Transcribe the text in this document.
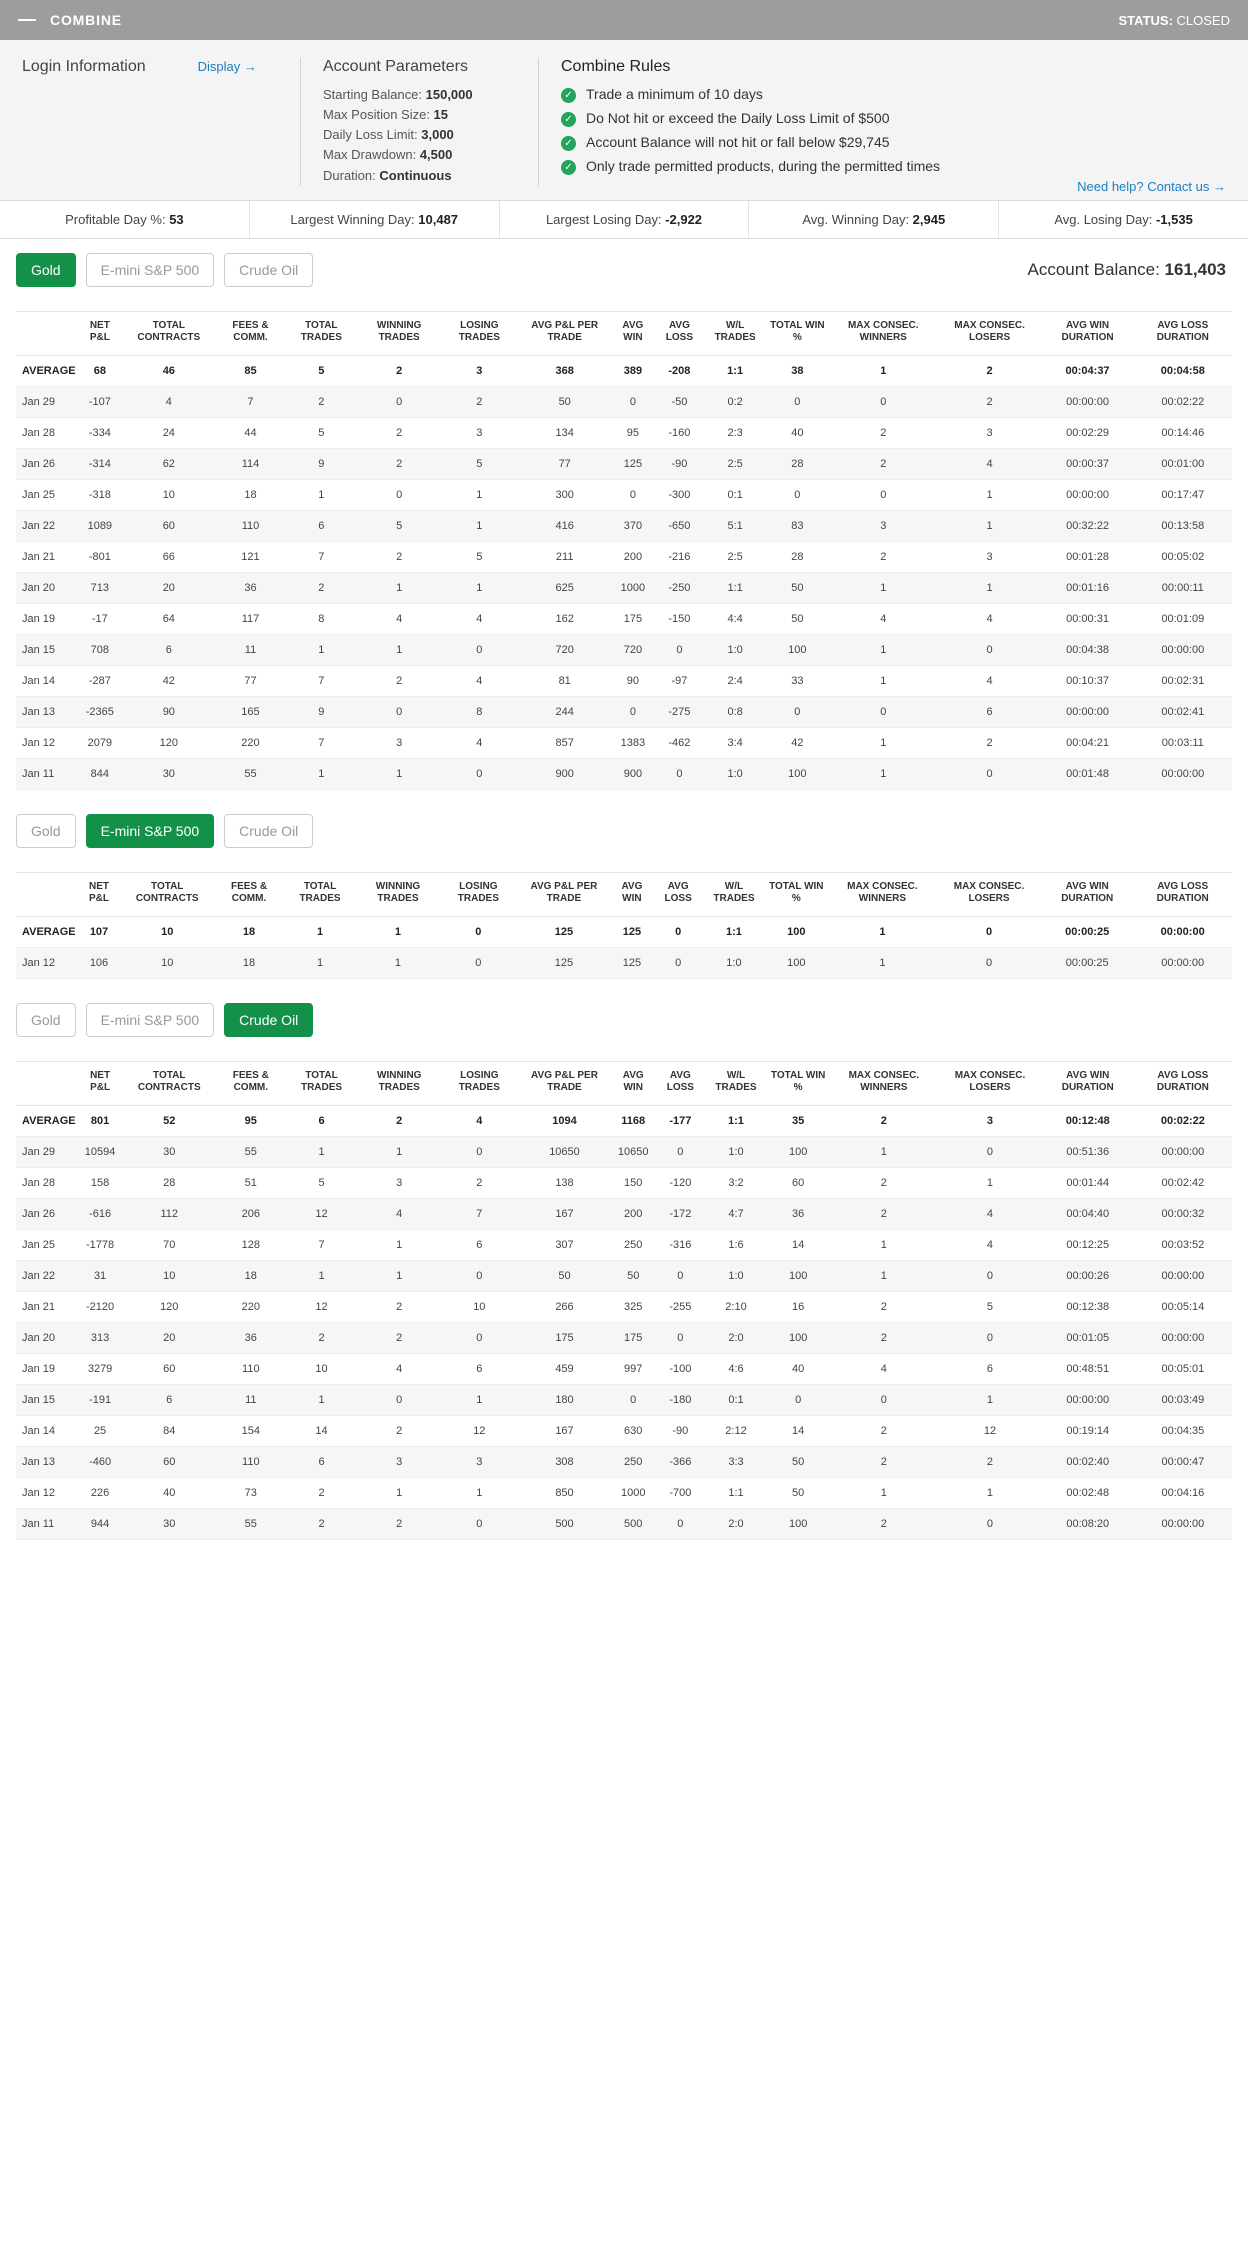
COMBINE	STATUS: CLOSED
Login Information	Display →	Account Parameters
Starting Balance: 150,000
Max Position Size: 15
Daily Loss Limit: 3,000
Max Drawdown: 4,500
Duration: Continuous
Combine Rules
✓ Trade a minimum of 10 days
✓ Do Not hit or exceed the Daily Loss Limit of $500
✓ Account Balance will not hit or fall below $29,745
✓ Only trade permitted products, during the permitted times
Need help? Contact us →
Profitable Day %: 53	Largest Winning Day: 10,487	Largest Losing Day: -2,922	Avg. Winning Day: 2,945	Avg. Losing Day: -1,535
Gold	E-mini S&P 500	Crude Oil	Account Balance: 161,403
	NET P&L	TOTAL CONTRACTS	FEES & COMM.	TOTAL TRADES	WINNING TRADES	LOSING TRADES	AVG P&L PER TRADE	AVG WIN	AVG LOSS	W/L TRADES	TOTAL WIN %	MAX CONSEC. WINNERS	MAX CONSEC. LOSERS	AVG WIN DURATION	AVG LOSS DURATION
AVERAGE	68	46	85	5	2	3	368	389	-208	1:1	38	1	2	00:04:37	00:04:58
Jan 29	-107	4	7	2	0	2	50	0	-50	0:2	0	0	2	00:00:00	00:02:22
Jan 28	-334	24	44	5	2	3	134	95	-160	2:3	40	2	3	00:02:29	00:14:46
Jan 26	-314	62	114	9	2	5	77	125	-90	2:5	28	2	4	00:00:37	00:01:00
Jan 25	-318	10	18	1	0	1	300	0	-300	0:1	0	0	1	00:00:00	00:17:47
Jan 22	1089	60	110	6	5	1	416	370	-650	5:1	83	3	1	00:32:22	00:13:58
Jan 21	-801	66	121	7	2	5	211	200	-216	2:5	28	2	3	00:01:28	00:05:02
Jan 20	713	20	36	2	1	1	625	1000	-250	1:1	50	1	1	00:01:16	00:00:11
Jan 19	-17	64	117	8	4	4	162	175	-150	4:4	50	4	4	00:00:31	00:01:09
Jan 15	708	6	11	1	1	0	720	720	0	1:0	100	1	0	00:04:38	00:00:00
Jan 14	-287	42	77	7	2	4	81	90	-97	2:4	33	1	4	00:10:37	00:02:31
Jan 13	-2365	90	165	9	0	8	244	0	-275	0:8	0	0	6	00:00:00	00:02:41
Jan 12	2079	120	220	7	3	4	857	1383	-462	3:4	42	1	2	00:04:21	00:03:11
Jan 11	844	30	55	1	1	0	900	900	0	1:0	100	1	0	00:01:48	00:00:00
Gold	E-mini S&P 500	Crude Oil
	NET P&L	TOTAL CONTRACTS	FEES & COMM.	TOTAL TRADES	WINNING TRADES	LOSING TRADES	AVG P&L PER TRADE	AVG WIN	AVG LOSS	W/L TRADES	TOTAL WIN %	MAX CONSEC. WINNERS	MAX CONSEC. LOSERS	AVG WIN DURATION	AVG LOSS DURATION
AVERAGE	107	10	18	1	1	0	125	125	0	1:1	100	1	0	00:00:25	00:00:00
Jan 12	106	10	18	1	1	0	125	125	0	1:0	100	1	0	00:00:25	00:00:00
Gold	E-mini S&P 500	Crude Oil
	NET P&L	TOTAL CONTRACTS	FEES & COMM.	TOTAL TRADES	WINNING TRADES	LOSING TRADES	AVG P&L PER TRADE	AVG WIN	AVG LOSS	W/L TRADES	TOTAL WIN %	MAX CONSEC. WINNERS	MAX CONSEC. LOSERS	AVG WIN DURATION	AVG LOSS DURATION
AVERAGE	801	52	95	6	2	4	1094	1168	-177	1:1	35	2	3	00:12:48	00:02:22
Jan 29	10594	30	55	1	1	0	10650	10650	0	1:0	100	1	0	00:51:36	00:00:00
Jan 28	158	28	51	5	3	2	138	150	-120	3:2	60	2	1	00:01:44	00:02:42
Jan 26	-616	112	206	12	4	7	167	200	-172	4:7	36	2	4	00:04:40	00:00:32
Jan 25	-1778	70	128	7	1	6	307	250	-316	1:6	14	1	4	00:12:25	00:03:52
Jan 22	31	10	18	1	1	0	50	50	0	1:0	100	1	0	00:00:26	00:00:00
Jan 21	-2120	120	220	12	2	10	266	325	-255	2:10	16	2	5	00:12:38	00:05:14
Jan 20	313	20	36	2	2	0	175	175	0	2:0	100	2	0	00:01:05	00:00:00
Jan 19	3279	60	110	10	4	6	459	997	-100	4:6	40	4	6	00:48:51	00:05:01
Jan 15	-191	6	11	1	0	1	180	0	-180	0:1	0	0	1	00:00:00	00:03:49
Jan 14	25	84	154	14	2	12	167	630	-90	2:12	14	2	12	00:19:14	00:04:35
Jan 13	-460	60	110	6	3	3	308	250	-366	3:3	50	2	2	00:02:40	00:00:47
Jan 12	226	40	73	2	1	1	850	1000	-700	1:1	50	1	1	00:02:48	00:04:16
Jan 11	944	30	55	2	2	0	500	500	0	2:0	100	2	0	00:08:20	00:00:00
